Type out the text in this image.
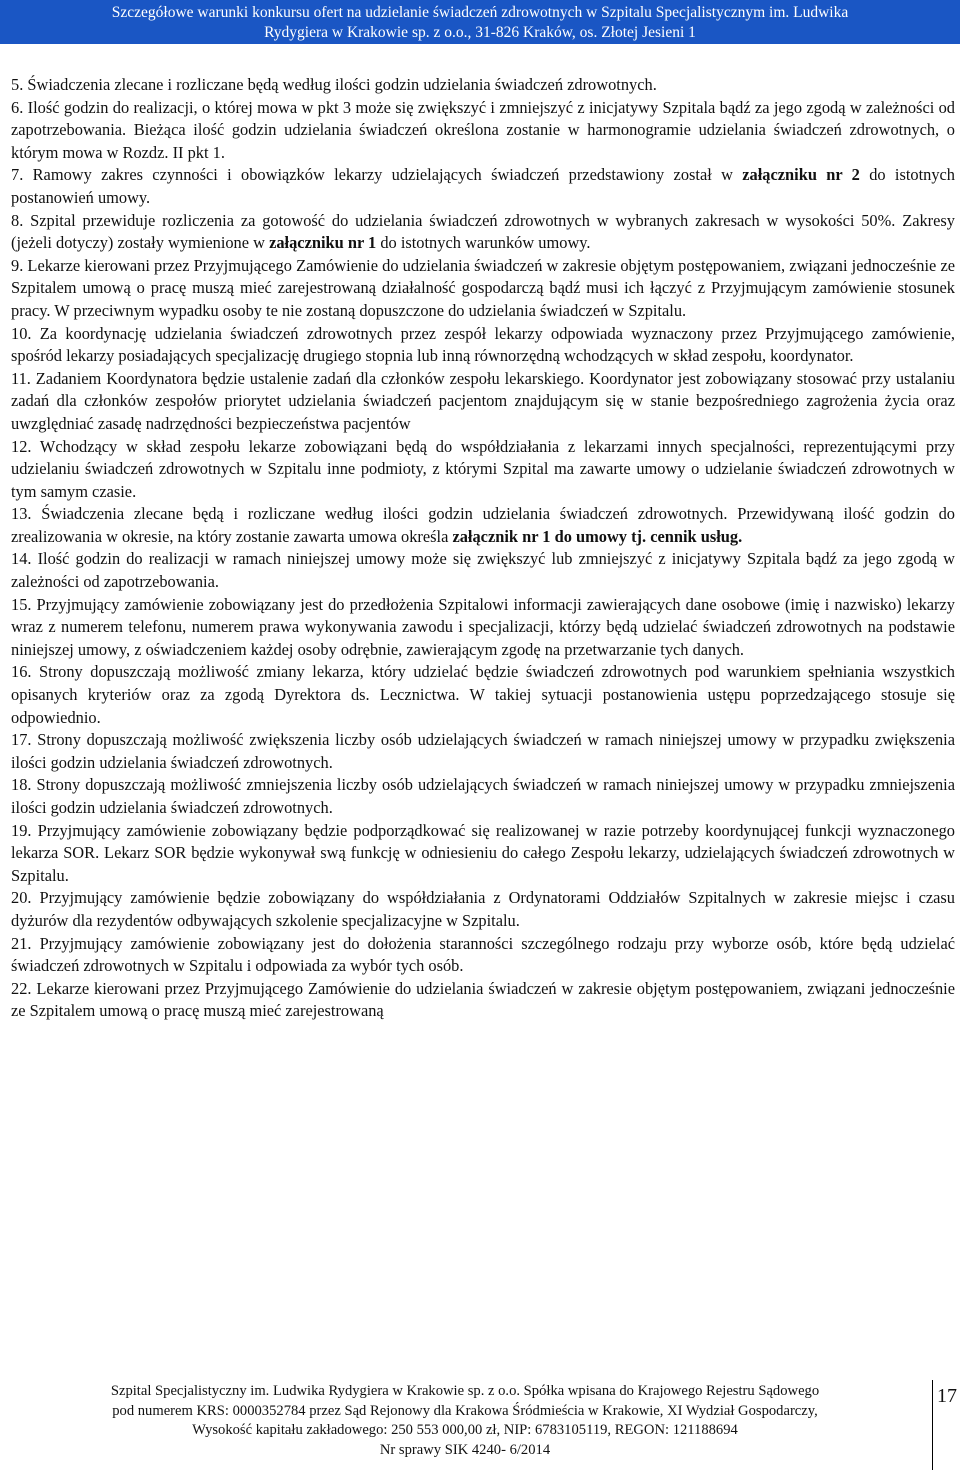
Szczegółowe warunki konkursu ofert na udzielanie świadczeń zdrowotnych w Szpitalu Specjalistycznym im. Ludwika
Rydygiera w Krakowie sp. z o.o., 31-826 Kraków, os. Złotej Jesieni 1

5. Świadczenia zlecane i rozliczane będą według ilości godzin udzielania świadczeń zdrowotnych.

6. Ilość godzin do realizacji, o której mowa w pkt 3 może się zwiększyć i zmniejszyć z inicjatywy Szpitala bądź za jego zgodą w zależności od zapotrzebowania. Bieżąca ilość godzin udzielania świadczeń określona zostanie w harmonogramie udzielania świadczeń zdrowotnych, o którym mowa w Rozdz. II pkt 1.

7. Ramowy zakres czynności i obowiązków lekarzy udzielających świadczeń przedstawiony został w załączniku nr 2 do istotnych postanowień umowy.

8. Szpital przewiduje rozliczenia za gotowość do udzielania świadczeń zdrowotnych w wybranych zakresach w wysokości 50%. Zakresy (jeżeli dotyczy) zostały wymienione w załączniku nr 1 do istotnych warunków umowy.

9. Lekarze kierowani przez Przyjmującego Zamówienie do udzielania świadczeń w zakresie objętym postępowaniem, związani jednocześnie ze Szpitalem umową o pracę muszą mieć zarejestrowaną działalność gospodarczą bądź musi ich łączyć z Przyjmującym zamówienie stosunek pracy. W przeciwnym wypadku osoby te nie zostaną dopuszczone do udzielania świadczeń w Szpitalu.

10. Za koordynację udzielania świadczeń zdrowotnych przez zespół lekarzy odpowiada wyznaczony przez Przyjmującego zamówienie, spośród lekarzy posiadających specjalizację drugiego stopnia lub inną równorzędną wchodzących w skład zespołu, koordynator.

11. Zadaniem Koordynatora będzie ustalenie zadań dla członków zespołu lekarskiego. Koordynator jest zobowiązany stosować przy ustalaniu zadań dla członków zespołów priorytet udzielania świadczeń pacjentom znajdującym się w stanie bezpośredniego zagrożenia życia oraz uwzględniać zasadę nadrzędności bezpieczeństwa pacjentów

12. Wchodzący w skład zespołu lekarze zobowiązani będą do współdziałania z lekarzami innych specjalności, reprezentującymi przy udzielaniu świadczeń zdrowotnych w Szpitalu inne podmioty, z którymi Szpital ma zawarte umowy o udzielanie świadczeń zdrowotnych w tym samym czasie.

13. Świadczenia zlecane będą i rozliczane według ilości godzin udzielania świadczeń zdrowotnych. Przewidywaną ilość godzin do zrealizowania w okresie, na który zostanie zawarta umowa określa załącznik nr 1 do umowy tj. cennik usług.

14. Ilość godzin do realizacji w ramach niniejszej umowy może się zwiększyć lub zmniejszyć z inicjatywy Szpitala bądź za jego zgodą w zależności od zapotrzebowania.

15. Przyjmujący zamówienie zobowiązany jest do przedłożenia Szpitalowi informacji zawierających dane osobowe (imię i nazwisko) lekarzy wraz z numerem telefonu, numerem prawa wykonywania zawodu i specjalizacji, którzy będą udzielać świadczeń zdrowotnych na podstawie niniejszej umowy, z oświadczeniem każdej osoby odrębnie, zawierającym zgodę na przetwarzanie tych danych.

16. Strony dopuszczają możliwość zmiany lekarza, który udzielać będzie świadczeń zdrowotnych pod warunkiem spełniania wszystkich opisanych kryteriów oraz za zgodą Dyrektora ds. Lecznictwa. W takiej sytuacji postanowienia ustępu poprzedzającego stosuje się odpowiednio.

17. Strony dopuszczają możliwość zwiększenia liczby osób udzielających świadczeń w ramach niniejszej umowy w przypadku zwiększenia ilości godzin udzielania świadczeń zdrowotnych.

18. Strony dopuszczają możliwość zmniejszenia liczby osób udzielających świadczeń w ramach niniejszej umowy w przypadku zmniejszenia ilości godzin udzielania świadczeń zdrowotnych.

19. Przyjmujący zamówienie zobowiązany będzie podporządkować się realizowanej w razie potrzeby koordynującej funkcji wyznaczonego lekarza SOR. Lekarz SOR będzie wykonywał swą funkcję w odniesieniu do całego Zespołu lekarzy, udzielających świadczeń zdrowotnych w Szpitalu.

20. Przyjmujący zamówienie będzie zobowiązany do współdziałania z Ordynatorami Oddziałów Szpitalnych w zakresie miejsc i czasu dyżurów dla rezydentów odbywających szkolenie specjalizacyjne w Szpitalu.

21. Przyjmujący zamówienie zobowiązany jest do dołożenia staranności szczególnego rodzaju przy wyborze osób, które będą udzielać świadczeń zdrowotnych w Szpitalu i odpowiada za wybór tych osób.

22. Lekarze kierowani przez Przyjmującego Zamówienie do udzielania świadczeń w zakresie objętym postępowaniem, związani jednocześnie ze Szpitalem umową o pracę muszą mieć zarejestrowaną

Szpital Specjalistyczny im. Ludwika Rydygiera w Krakowie sp. z o.o. Spółka wpisana do Krajowego Rejestru Sądowego
pod numerem KRS: 0000352784 przez Sąd Rejonowy dla Krakowa Śródmieścia w Krakowie, XI Wydział Gospodarczy,
Wysokość kapitału zakładowego: 250 553 000,00 zł, NIP: 6783105119, REGON: 121188694
Nr sprawy SIK 4240- 6/2014
17
